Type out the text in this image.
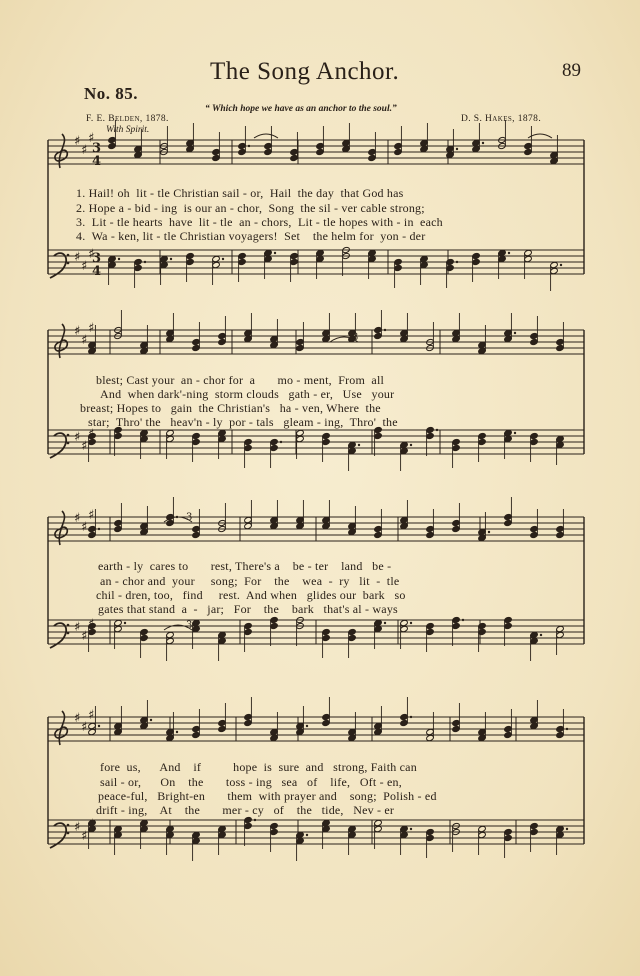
89
The Song Anchor.
No. 85.
“ Which hope we have as an anchor to the soul.”
F. E. Belden, 1878.	D. S. Hakes, 1878.
With Spirit.
♯
♯
♯
3
4
♯
♯
♯
3
4
♯
♯
♯
♯
♯
♯
♯
♯
♯
♯
♯
♯
♯
♯
♯
3
3
3
1. Hail! oh  lit - tle Christian sail - or,  Hail  the day  that God has
2. Hope a - bid - ing  is our an - chor,  Song  the sil - ver cable strong;
3.  Lit - tle hearts  have  lit - tle  an - chors,  Lit - tle hopes with - in  each
4.  Wa - ken, lit - tle Christian voyagers!  Set    the helm for  yon - der
blest; Cast your  an - chor for  a       mo - ment,  From  all
And  when dark'-ning  storm clouds   gath - er,   Use   your
breast; Hopes to   gain  the Christian's   ha - ven, Where  the
star;  Thro' the   heav'n - ly  por - tals   gleam - ing,  Thro'  the
earth - ly  cares to       rest, There's a    be - ter    land   be -
an - chor and  your     song;  For    the    wea  -  ry   lit  -  tle
chil - dren, too,   find     rest.  And when   glides our  bark   so
gates that stand  a  -   jar;   For    the    bark   that's al - ways
fore  us,      And    if          hope  is  sure  and   strong, Faith can
sail - or,      On    the       toss - ing   sea   of    life,   Oft - en,
peace-ful,   Bright-en       them  with prayer and    song;  Polish - ed
drift - ing,    At    the       mer - cy   of    the   tide,   Nev - er
